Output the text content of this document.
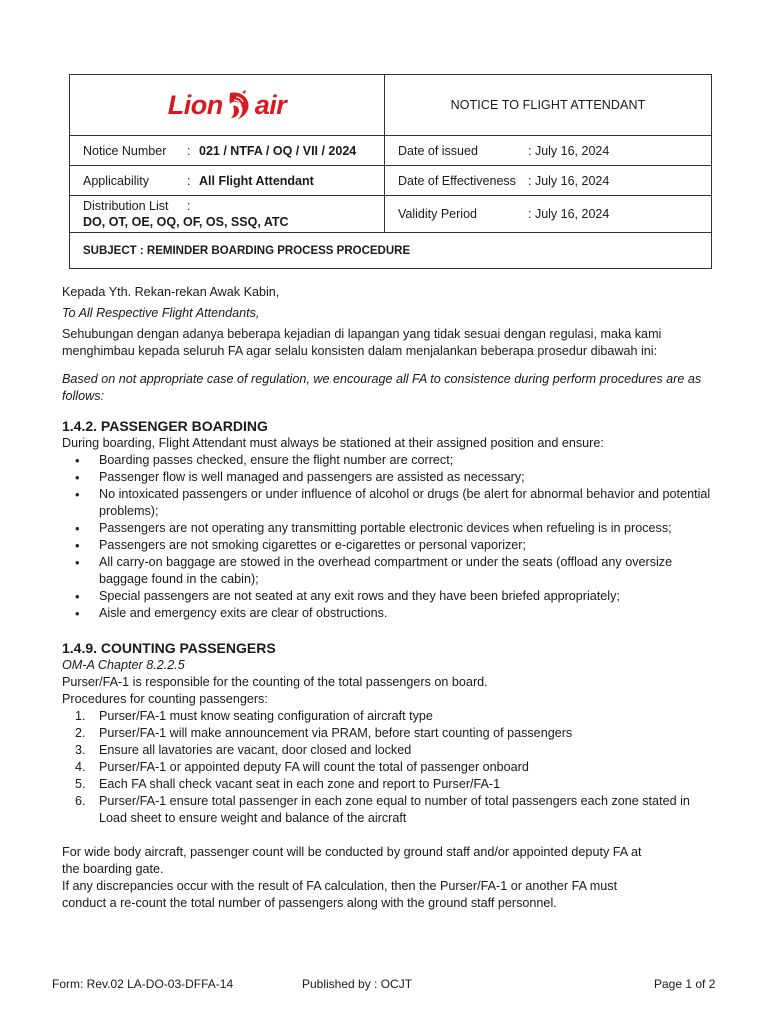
Lion air	NOTICE TO FLIGHT ATTENDANT
Notice Number : 021 / NTFA / OQ / VII / 2024	Date of issued : July 16, 2024
Applicability : All Flight Attendant	Date of Effectiveness : July 16, 2024

Distribution List :
DO, OT, OE, OQ, OF, OS, SSQ, ATC	Validity Period : July 16, 2024
SUBJECT : REMINDER BOARDING PROCESS PROCEDURE	

Kepada Yth. Rekan-rekan Awak Kabin,

To All Respective Flight Attendants,

Sehubungan dengan adanya beberapa kejadian di lapangan yang tidak sesuai dengan regulasi, maka kami menghimbau kepada seluruh FA agar selalu konsisten dalam menjalankan beberapa prosedur dibawah ini:

Based on not appropriate case of regulation, we encourage all FA to consistence during perform procedures are as follows:

1.4.2. PASSENGER BOARDING

During boarding, Flight Attendant must always be stationed at their assigned position and ensure:

• Boarding passes checked, ensure the flight number are correct;
• Passenger flow is well managed and passengers are assisted as necessary;
• No intoxicated passengers or under influence of alcohol or drugs (be alert for abnormal behavior and potential problems);
• Passengers are not operating any transmitting portable electronic devices when refueling is in process;
• Passengers are not smoking cigarettes or e-cigarettes or personal vaporizer;
• All carry-on baggage are stowed in the overhead compartment or under the seats (offload any oversize baggage found in the cabin);
• Special passengers are not seated at any exit rows and they have been briefed appropriately;
• Aisle and emergency exits are clear of obstructions.
1.4.9. COUNTING PASSENGERS

OM-A Chapter 8.2.2.5

Purser/FA-1 is responsible for the counting of the total passengers on board.

Procedures for counting passengers:

1. Purser/FA-1 must know seating configuration of aircraft type
2. Purser/FA-1 will make announcement via PRAM, before start counting of passengers
3. Ensure all lavatories are vacant, door closed and locked
4. Purser/FA-1 or appointed deputy FA will count the total of passenger onboard
5. Each FA shall check vacant seat in each zone and report to Purser/FA-1
6. Purser/FA-1 ensure total passenger in each zone equal to number of total passengers each zone stated in Load sheet to ensure weight and balance of the aircraft

For wide body aircraft, passenger count will be conducted by ground staff and/or appointed deputy FA at the boarding gate.

If any discrepancies occur with the result of FA calculation, then the Purser/FA-1 or another FA must conduct a re-count the total number of passengers along with the ground staff personnel.

Form: Rev.02 LA-DO-03-DFFA-14	Published by : OCJT	Page 1 of 2
